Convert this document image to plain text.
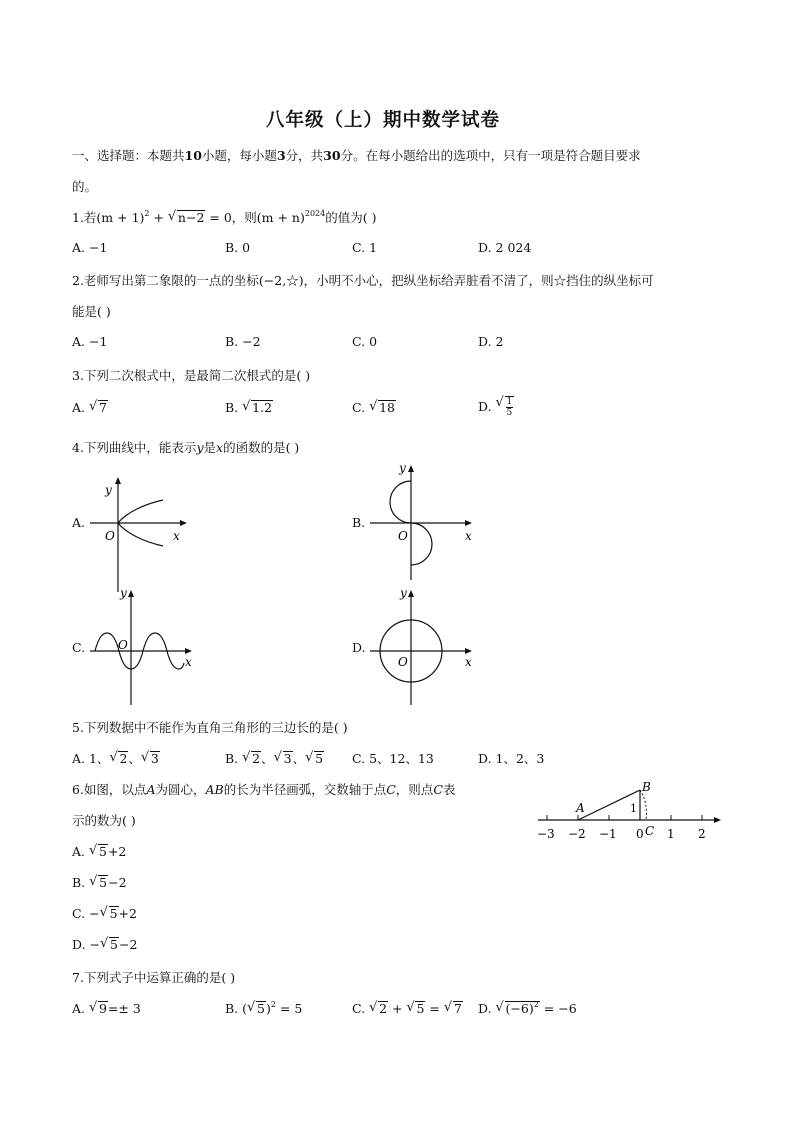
八年级（上）期中数学试卷
一、选择题：本题共10小题，每小题3分，共30分。在每小题给出的选项中，只有一项是符合题目要求
的。
1.若$(m + 1)^2$ + √ n−2 = 0，则$(m + n)^{2024}$的值为( )
A. −1	B. 0	C. 1	D. 2 024
2.老师写出第二象限的一点的坐标(−2,☆)，小明不小心，把纵坐标给弄脏看不清了，则☆挡住的纵坐标可
能是( )
A. −1	B. −2	C. 0	D. 2
3.下列二次根式中，是最简二次根式的是( )
A. √ 7	B. √ 1.2	C. √ 18	D. √ $\frac{1}{5}$
4.下列曲线中，能表示y是x的函数的是( )
A.
y
x
O
B.
y
x
O
C.
y
x
O	D.
y
x
O
5.下列数据中不能作为直角三角形的三边长的是( )
A. 1、 √ 2、 √ 3	B. √ 2、 √ 3、 √ 5 C. 5、12、13	D. 1、2、3
6.如图，以点A为圆心，AB的长为半径画弧，交数轴于点C，则点C表
示的数为( )
−3 −2 −1 0 1 2
A
B
C
1
A. √ 5+2
B. √ 5−2
C. − √ 5+2
D. − √ 5−2
7.下列式子中运算正确的是( )
A. √ 9=± 3	B. ( √ 5)$^2$ = 5	C. √ 2 + √ 5 = √ 7 D. √ $(-6)^2 = -6$
